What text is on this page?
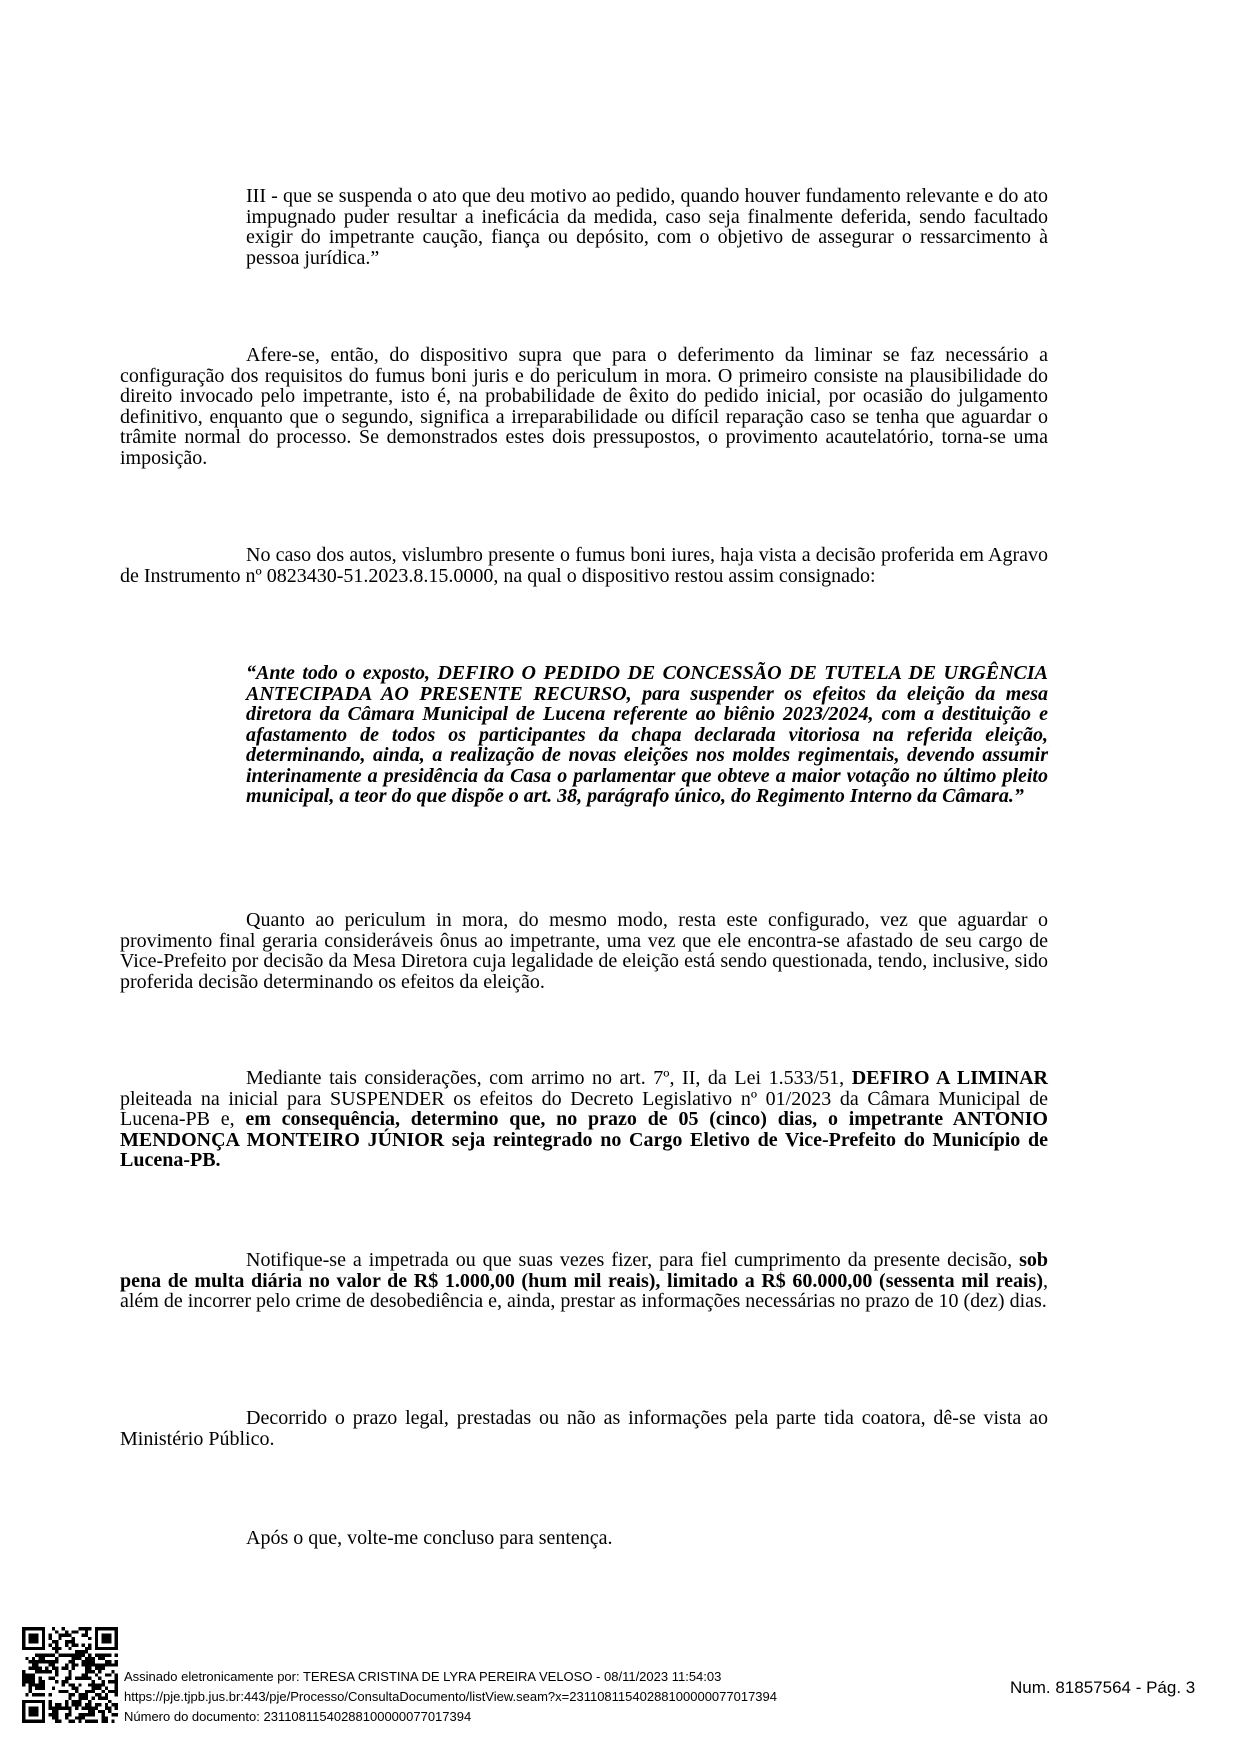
III - que se suspenda o ato que deu motivo ao pedido, quando houver fundamento relevante e do ato impugnado puder resultar a ineficácia da medida, caso seja finalmente deferida, sendo facultado exigir do impetrante caução, fiança ou depósito, com o objetivo de assegurar o ressarcimento à pessoa jurídica.”

Afere-se, então, do dispositivo supra que para o deferimento da liminar se faz necessário a configuração dos requisitos do fumus boni juris e do periculum in mora. O primeiro consiste na plausibilidade do direito invocado pelo impetrante, isto é, na probabilidade de êxito do pedido inicial, por ocasião do julgamento definitivo, enquanto que o segundo, significa a irreparabilidade ou difícil reparação caso se tenha que aguardar o trâmite normal do processo. Se demonstrados estes dois pressupostos, o provimento acautelatório, torna-se uma imposição.

No caso dos autos, vislumbro presente o fumus boni iures, haja vista a decisão proferida em Agravo de Instrumento nº 0823430-51.2023.8.15.0000, na qual o dispositivo restou assim consignado:

“Ante todo o exposto, DEFIRO O PEDIDO DE CONCESSÃO DE TUTELA DE URGÊNCIA ANTECIPADA AO PRESENTE RECURSO, para suspender os efeitos da eleição da mesa diretora da Câmara Municipal de Lucena referente ao biênio 2023/2024, com a destituição e afastamento de todos os participantes da chapa declarada vitoriosa na referida eleição, determinando, ainda, a realização de novas eleições nos moldes regimentais, devendo assumir interinamente a presidência da Casa o parlamentar que obteve a maior votação no último pleito municipal, a teor do que dispõe o art. 38, parágrafo único, do Regimento Interno da Câmara.”

Quanto ao periculum in mora, do mesmo modo, resta este configurado, vez que aguardar o provimento final geraria consideráveis ônus ao impetrante, uma vez que ele encontra-se afastado de seu cargo de Vice-Prefeito por decisão da Mesa Diretora cuja legalidade de eleição está sendo questionada, tendo, inclusive, sido proferida decisão determinando os efeitos da eleição.

Mediante tais considerações, com arrimo no art. 7º, II, da Lei 1.533/51, DEFIRO A LIMINAR pleiteada na inicial para SUSPENDER os efeitos do Decreto Legislativo nº 01/2023 da Câmara Municipal de Lucena-PB e, em consequência, determino que, no prazo de 05 (cinco) dias, o impetrante ANTONIO MENDONÇA MONTEIRO JÚNIOR seja reintegrado no Cargo Eletivo de Vice-Prefeito do Município de Lucena-PB.

Notifique-se a impetrada ou que suas vezes fizer, para fiel cumprimento da presente decisão, sob pena de multa diária no valor de R$ 1.000,00 (hum mil reais), limitado a R$ 60.000,00 (sessenta mil reais), além de incorrer pelo crime de desobediência e, ainda, prestar as informações necessárias no prazo de 10 (dez) dias.

Decorrido o prazo legal, prestadas ou não as informações pela parte tida coatora, dê-se vista ao Ministério Público.

Após o que, volte-me concluso para sentença.

Assinado eletronicamente por: TERESA CRISTINA DE LYRA PEREIRA VELOSO - 08/11/2023 11:54:03
https://pje.tjpb.jus.br:443/pje/Processo/ConsultaDocumento/listView.seam?x=23110811540288100000077017394
Número do documento: 23110811540288100000077017394
Num. 81857564 - Pág. 3
